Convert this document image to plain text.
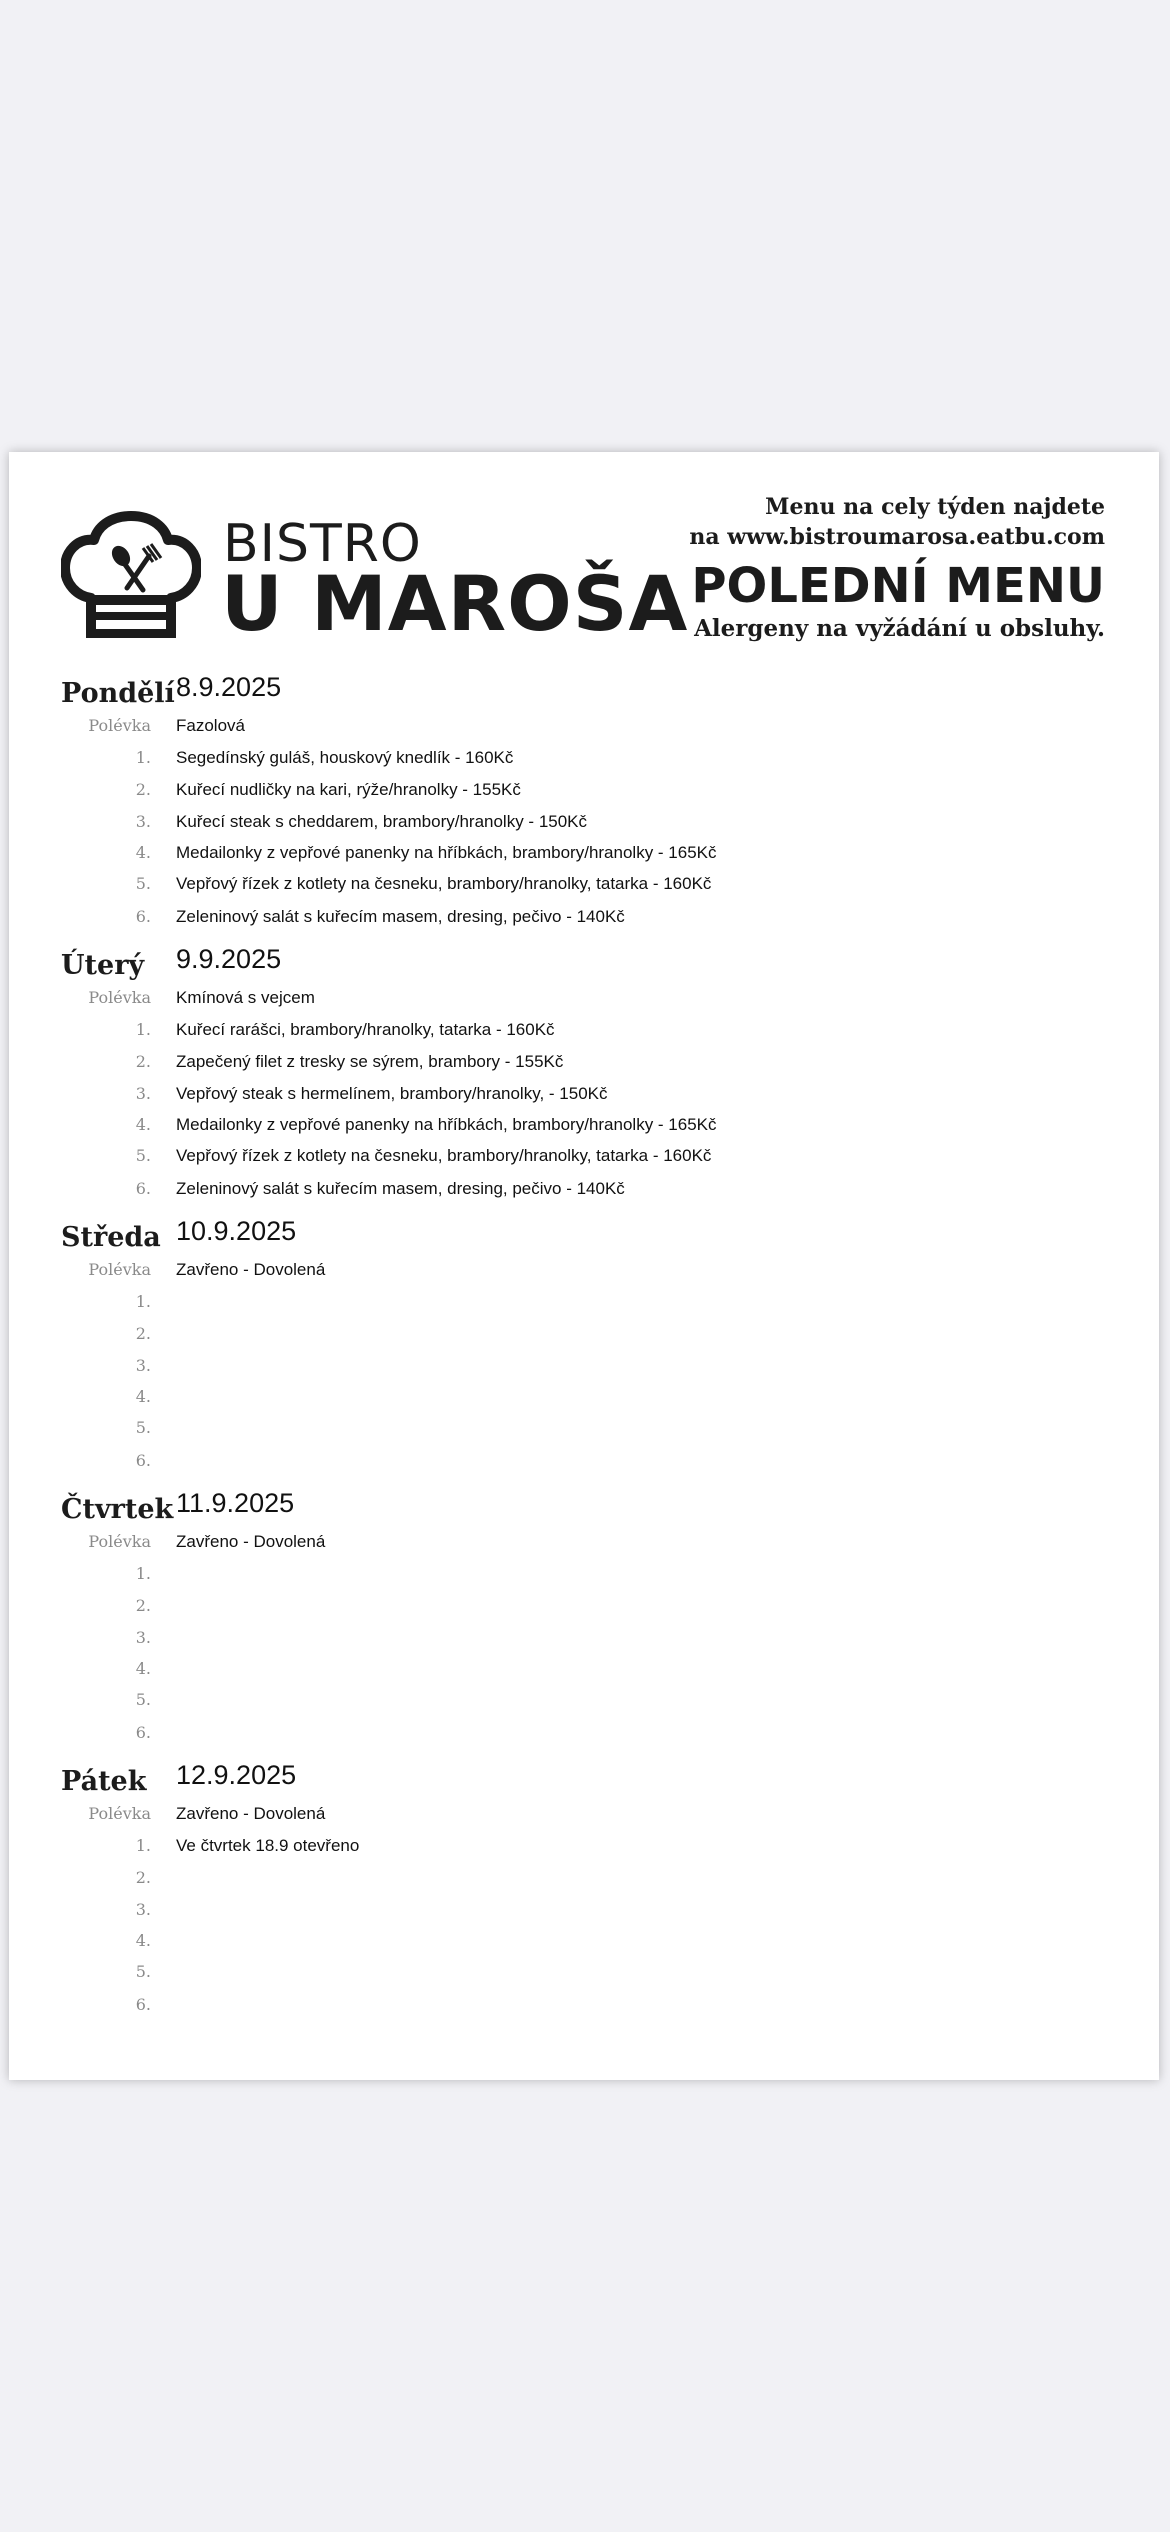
BISTRO
U MAROŠA
Menu na cely týden najdete
na www.bistroumarosa.eatbu.com
POLEDNÍ MENU
Alergeny na vyžádání u obsluhy.
Pondělí 8.9.2025
Polévka Fazolová
1. Segedínský guláš, houskový knedlík - 160Kč
2. Kuřecí nudličky na kari, rýže/hranolky - 155Kč
3. Kuřecí steak s cheddarem, brambory/hranolky - 150Kč
4. Medailonky z vepřové panenky na hříbkách, brambory/hranolky - 165Kč
5. Vepřový řízek z kotlety na česneku, brambory/hranolky, tatarka - 160Kč
6. Zeleninový salát s kuřecím masem, dresing, pečivo - 140Kč
Úterý 9.9.2025
Polévka Kmínová s vejcem
1. Kuřecí rarášci, brambory/hranolky, tatarka - 160Kč
2. Zapečený filet z tresky se sýrem, brambory - 155Kč
3. Vepřový steak s hermelínem, brambory/hranolky, - 150Kč
4. Medailonky z vepřové panenky na hříbkách, brambory/hranolky - 165Kč
5. Vepřový řízek z kotlety na česneku, brambory/hranolky, tatarka - 160Kč
6. Zeleninový salát s kuřecím masem, dresing, pečivo - 140Kč
Středa 10.9.2025
Polévka Zavřeno - Dovolená
1.
2.
3.
4.
5.
6.
Čtvrtek 11.9.2025
Polévka Zavřeno - Dovolená
1.
2.
3.
4.
5.
6.
Pátek 12.9.2025
Polévka Zavřeno - Dovolená
1. Ve čtvrtek 18.9 otevřeno
2.
3.
4.
5.
6.
